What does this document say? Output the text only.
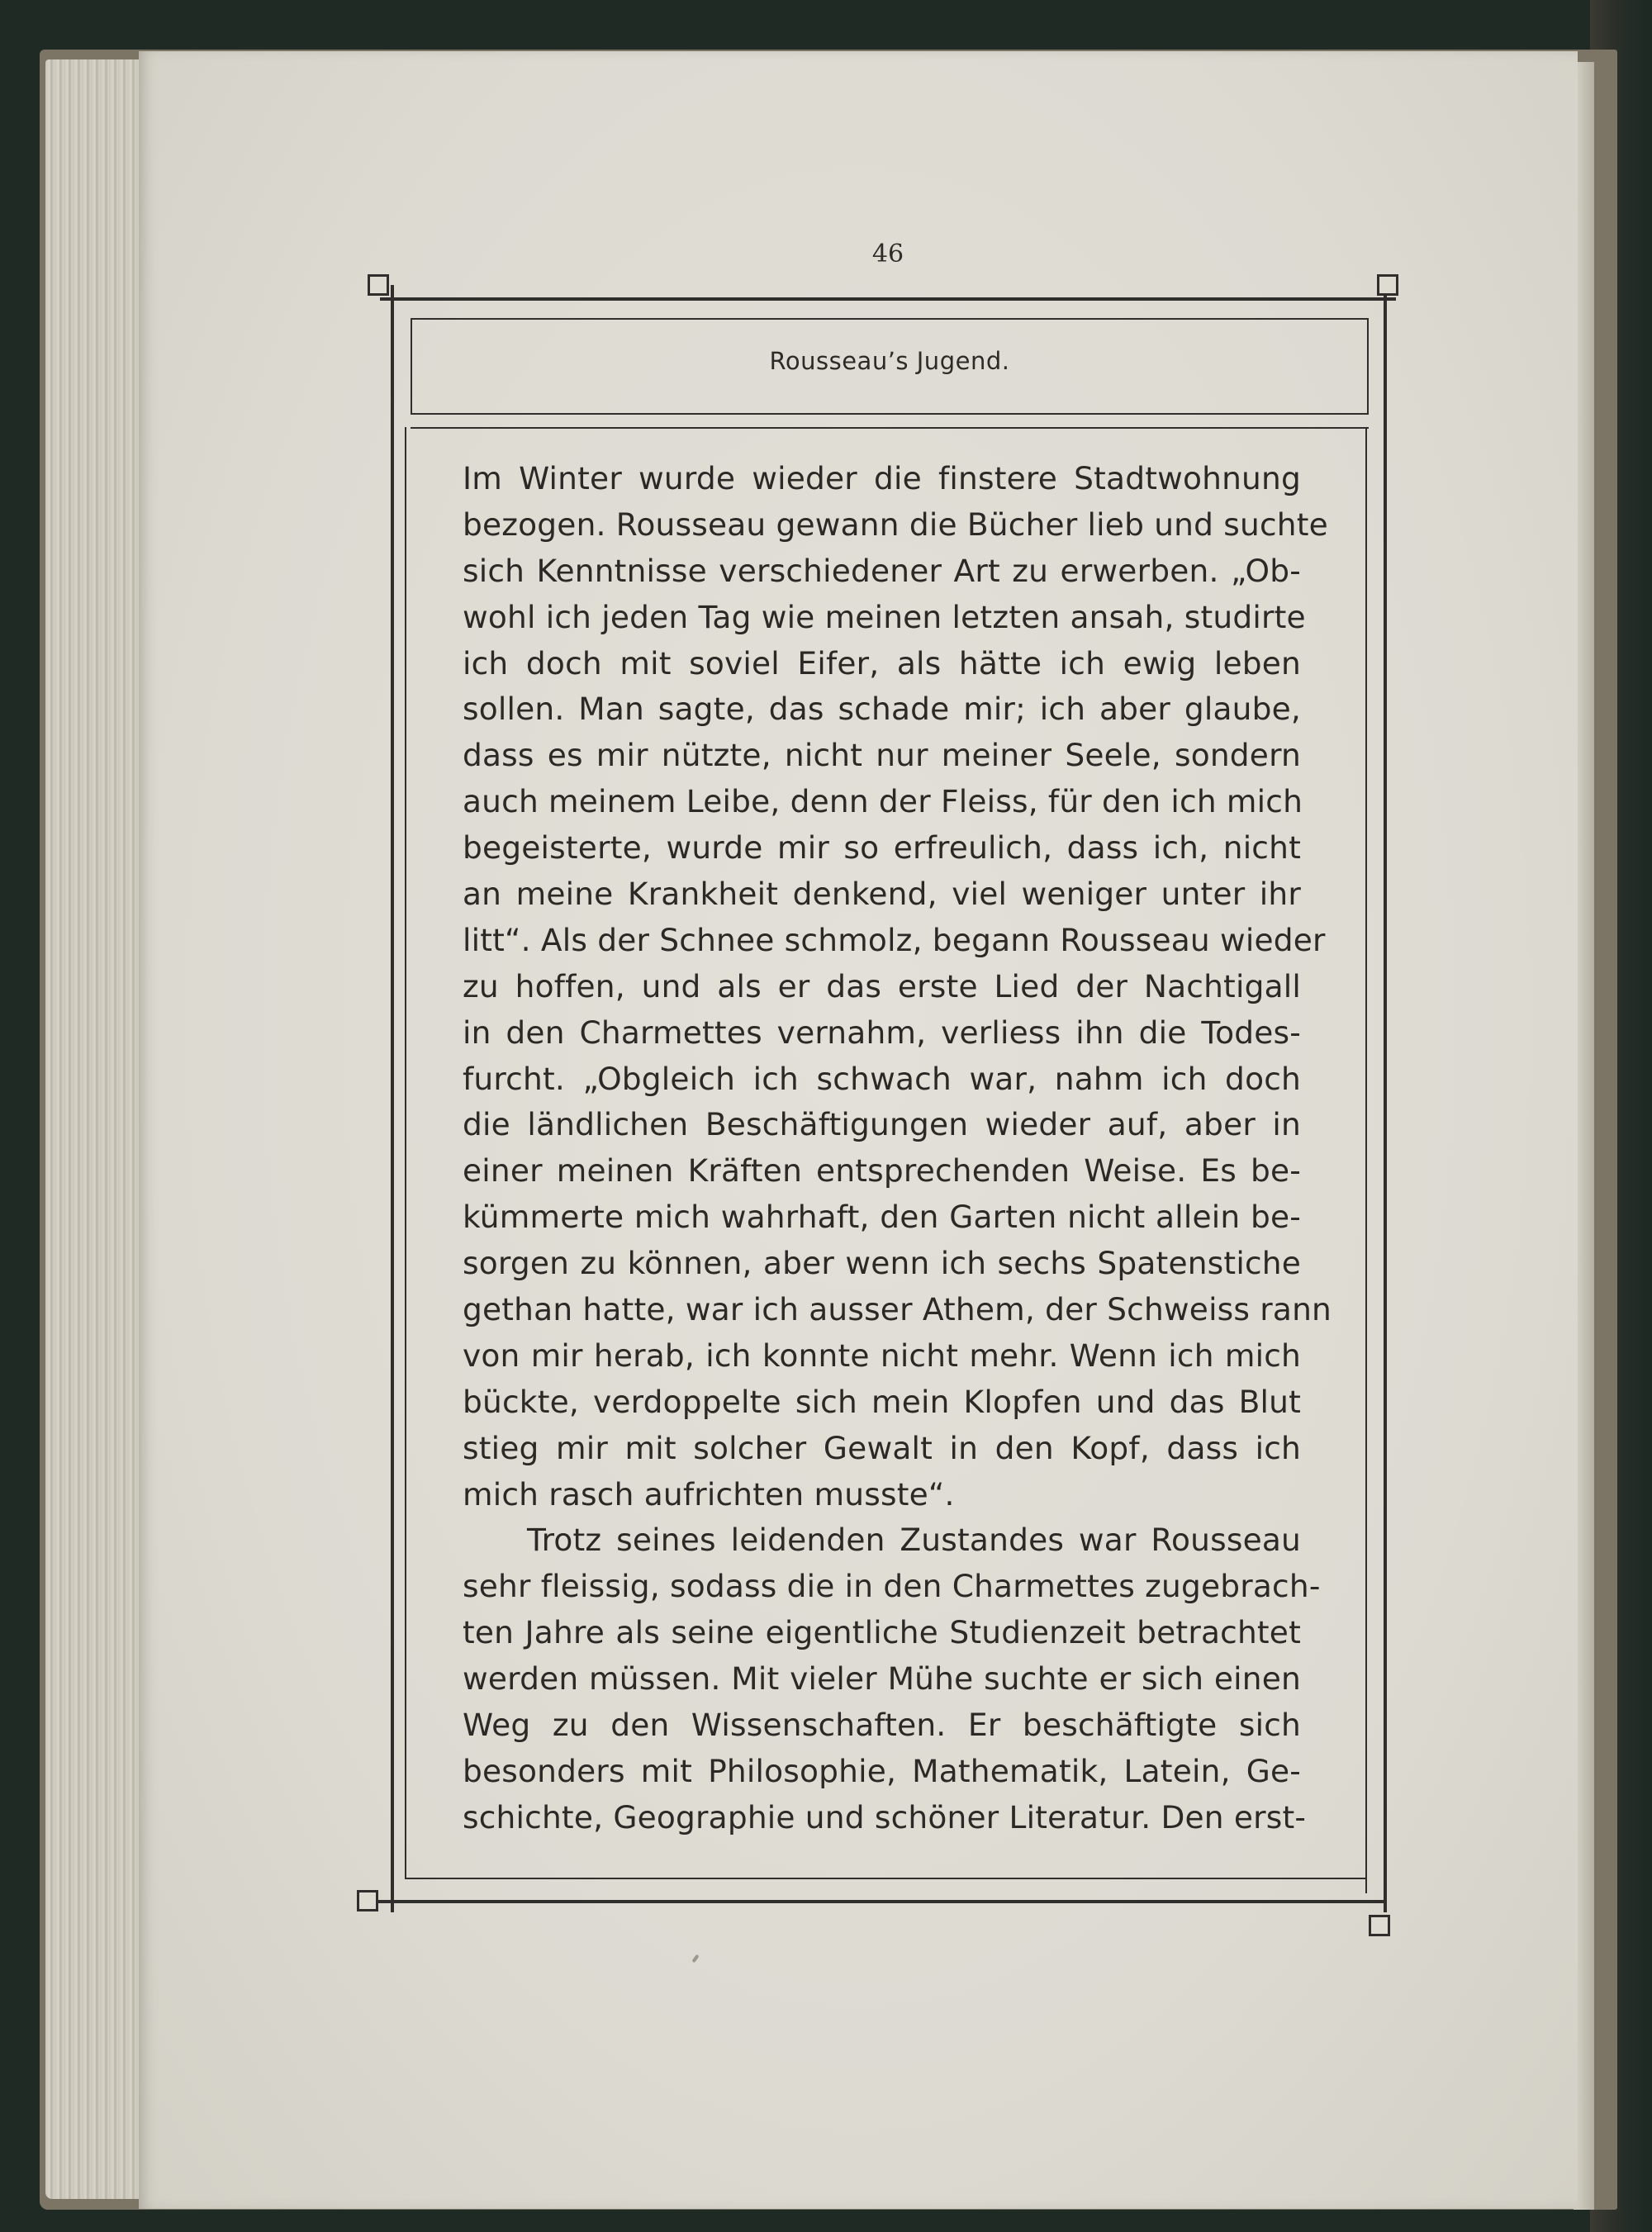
46
Rousseau’s Jugend.
Im Winter wurde wieder die finstere Stadtwohnung
bezogen. Rousseau gewann die Bücher lieb und suchte
sich Kenntnisse verschiedener Art zu erwerben. „Ob-
wohl ich jeden Tag wie meinen letzten ansah, studirte
ich doch mit soviel Eifer, als hätte ich ewig leben
sollen. Man sagte, das schade mir; ich aber glaube,
dass es mir nützte, nicht nur meiner Seele, sondern
auch meinem Leibe, denn der Fleiss, für den ich mich
begeisterte, wurde mir so erfreulich, dass ich, nicht
an meine Krankheit denkend, viel weniger unter ihr
litt“. Als der Schnee schmolz, begann Rousseau wieder
zu hoffen, und als er das erste Lied der Nachtigall
in den Charmettes vernahm, verliess ihn die Todes-
furcht. „Obgleich ich schwach war, nahm ich doch
die ländlichen Beschäftigungen wieder auf, aber in
einer meinen Kräften entsprechenden Weise. Es be-
kümmerte mich wahrhaft, den Garten nicht allein be-
sorgen zu können, aber wenn ich sechs Spatenstiche
gethan hatte, war ich ausser Athem, der Schweiss rann
von mir herab, ich konnte nicht mehr. Wenn ich mich
bückte, verdoppelte sich mein Klopfen und das Blut
stieg mir mit solcher Gewalt in den Kopf, dass ich
mich rasch aufrichten musste“.
Trotz seines leidenden Zustandes war Rousseau
sehr fleissig, sodass die in den Charmettes zugebrach-
ten Jahre als seine eigentliche Studienzeit betrachtet
werden müssen. Mit vieler Mühe suchte er sich einen
Weg zu den Wissenschaften. Er beschäftigte sich
besonders mit Philosophie, Mathematik, Latein, Ge-
schichte, Geographie und schöner Literatur. Den erst-
